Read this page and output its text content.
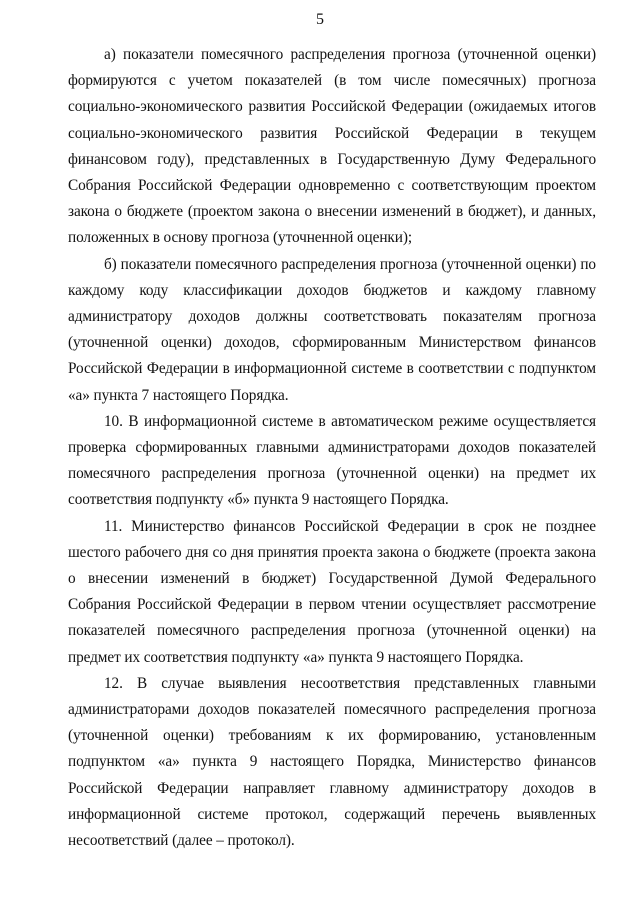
5

а) показатели помесячного распределения прогноза (уточненной оценки) формируются с учетом показателей (в том числе помесячных) прогноза социально-экономического развития Российской Федерации (ожидаемых итогов социально-экономического развития Российской Федерации в текущем финансовом году), представленных в Государственную Думу Федерального Собрания Российской Федерации одновременно с соответствующим проектом закона о бюджете (проектом закона о внесении изменений в бюджет), и данных, положенных в основу прогноза (уточненной оценки);

б) показатели помесячного распределения прогноза (уточненной оценки) по каждому коду классификации доходов бюджетов и каждому главному администратору доходов должны соответствовать показателям прогноза (уточненной оценки) доходов, сформированным Министерством финансов Российской Федерации в информационной системе в соответствии с подпунктом «а» пункта 7 настоящего Порядка.

10. В информационной системе в автоматическом режиме осуществляется проверка сформированных главными администраторами доходов показателей помесячного распределения прогноза (уточненной оценки) на предмет их соответствия подпункту «б» пункта 9 настоящего Порядка.

11. Министерство финансов Российской Федерации в срок не позднее шестого рабочего дня со дня принятия проекта закона о бюджете (проекта закона о внесении изменений в бюджет) Государственной Думой Федерального Собрания Российской Федерации в первом чтении осуществляет рассмотрение показателей помесячного распределения прогноза (уточненной оценки) на предмет их соответствия подпункту «а» пункта 9 настоящего Порядка.

12. В случае выявления несоответствия представленных главными администраторами доходов показателей помесячного распределения прогноза (уточненной оценки) требованиям к их формированию, установленным подпунктом «а» пункта 9 настоящего Порядка, Министерство финансов Российской Федерации направляет главному администратору доходов в информационной системе протокол, содержащий перечень выявленных несоответствий (далее – протокол).
